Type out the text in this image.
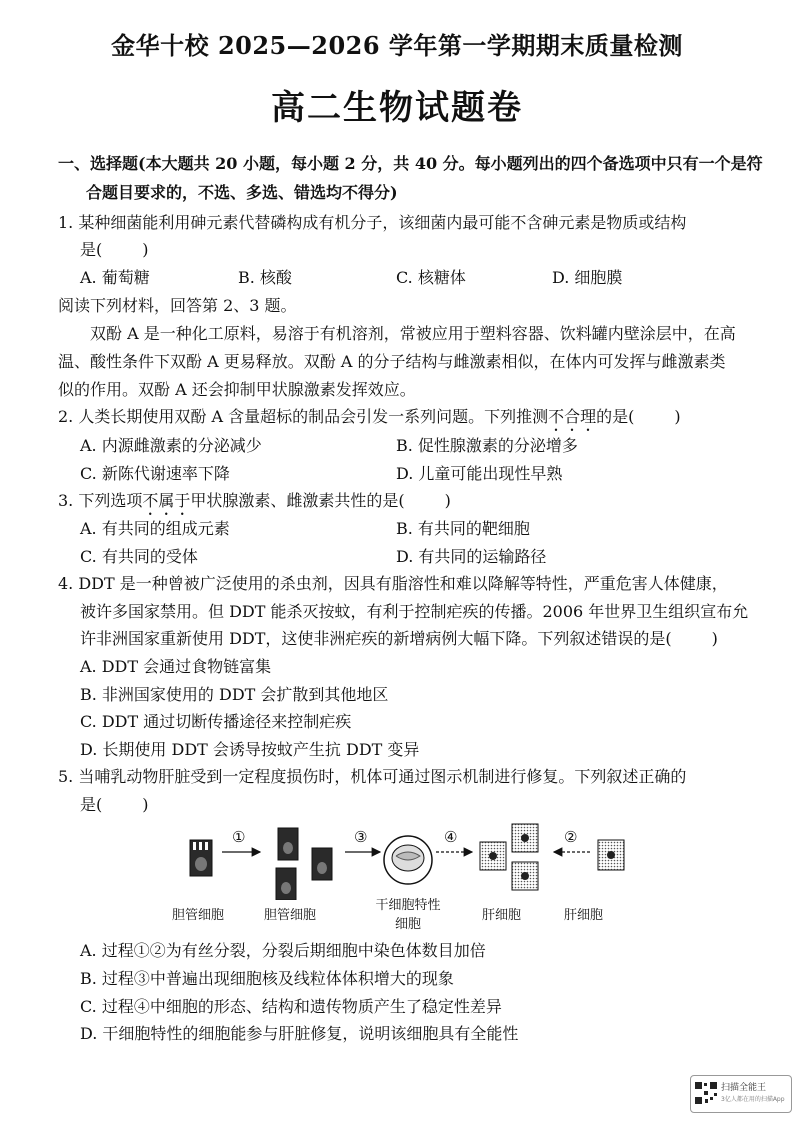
金华十校 2025—2026 学年第一学期期末质量检测
高二生物试题卷
一、选择题(本大题共 20 小题，每小题 2 分，共 40 分。每小题列出的四个备选项中只有一个是符
合题目要求的，不选、多选、错选均不得分)
1. 某种细菌能利用砷元素代替磷构成有机分子，该细菌内最可能不含砷元素是物质或结构
是(	)
A. 葡萄糖	B. 核酸	C. 核糖体	D. 细胞膜
阅读下列材料，回答第 2、3 题。
双酚 A 是一种化工原料，易溶于有机溶剂，常被应用于塑料容器、饮料罐内壁涂层中，在高
温、酸性条件下双酚 A 更易释放。双酚 A 的分子结构与雌激素相似，在体内可发挥与雌激素类
似的作用。双酚 A 还会抑制甲状腺激素发挥效应。
2. 人类长期使用双酚 A 含量超标的制品会引发一系列问题。下列推测不合理的是(	)
A. 内源雌激素的分泌减少	B. 促性腺激素的分泌增多
C. 新陈代谢速率下降	D. 儿童可能出现性早熟
3. 下列选项不属于甲状腺激素、雌激素共性的是(	)
A. 有共同的组成元素	B. 有共同的靶细胞
C. 有共同的受体	D. 有共同的运输路径
4. DDT 是一种曾被广泛使用的杀虫剂，因具有脂溶性和难以降解等特性，严重危害人体健康，
被许多国家禁用。但 DDT 能杀灭按蚊，有利于控制疟疾的传播。2006 年世界卫生组织宣布允
许非洲国家重新使用 DDT，这使非洲疟疾的新增病例大幅下降。下列叙述错误的是(	)
A. DDT 会通过食物链富集
B. 非洲国家使用的 DDT 会扩散到其他地区
C. DDT 通过切断传播途径来控制疟疾
D. 长期使用 DDT 会诱导按蚊产生抗 DDT 变异
5. 当哺乳动物肝脏受到一定程度损伤时，机体可通过图示机制进行修复。下列叙述正确的
是(	)
①	③	④	②
胆管细胞	胆管细胞
干细胞特性
细胞
肝细胞	肝细胞
A. 过程①②为有丝分裂，分裂后期细胞中染色体数目加倍
B. 过程③中普遍出现细胞核及线粒体体积增大的现象
C. 过程④中细胞的形态、结构和遗传物质产生了稳定性差异
D. 干细胞特性的细胞能参与肝脏修复，说明该细胞具有全能性
扫描全能王
3亿人都在用的扫描App
